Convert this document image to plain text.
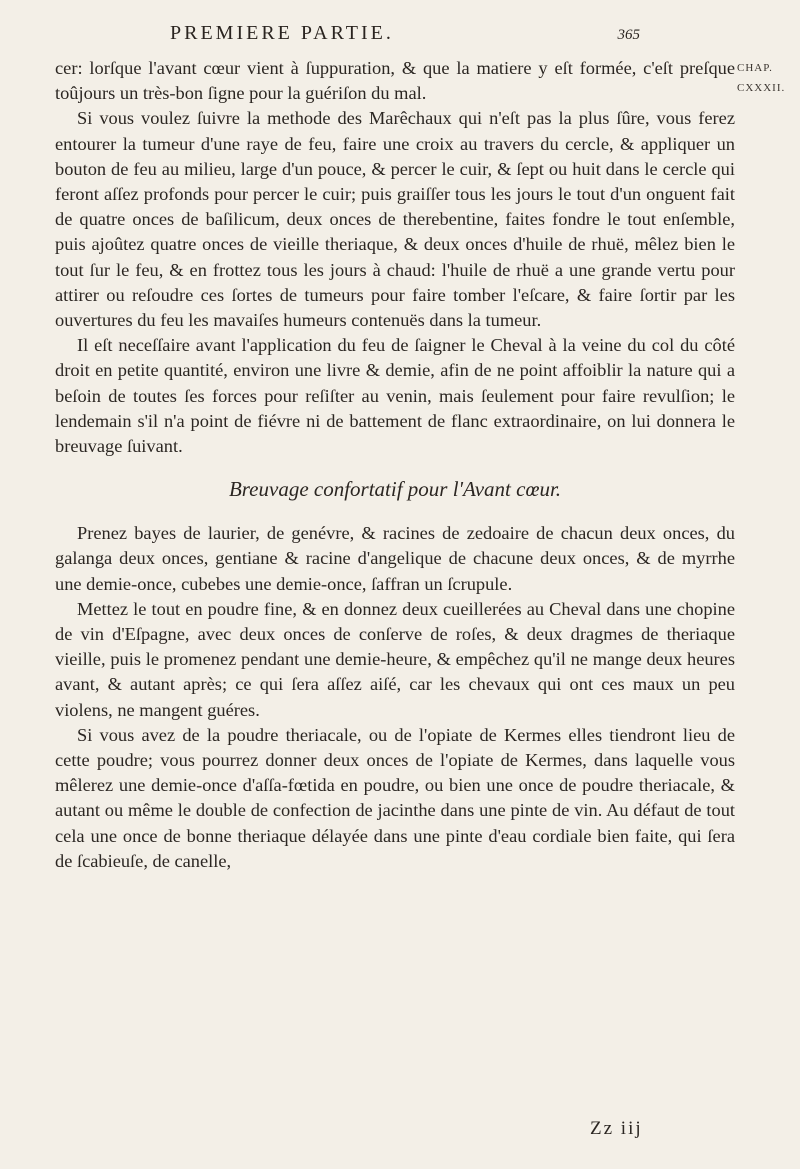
PREMIERE PARTIE.	365
CHAP.
CXXXII.

cer: lorſque l'avant cœur vient à ſuppuration, & que la matiere y eſt formée, c'eſt preſque toûjours un très-bon ſigne pour la guériſon du mal.

Si vous voulez ſuivre la methode des Marêchaux qui n'eſt pas la plus ſûre, vous ferez entourer la tumeur d'une raye de feu, faire une croix au travers du cercle, & appliquer un bouton de feu au milieu, large d'un pouce, & percer le cuir, & ſept ou huit dans le cercle qui feront aſſez profonds pour percer le cuir; puis graiſſer tous les jours le tout d'un onguent fait de quatre onces de baſilicum, deux onces de therebentine, faites fondre le tout enſemble, puis ajoûtez quatre onces de vieille theriaque, & deux onces d'huile de rhuë, mêlez bien le tout ſur le feu, & en frottez tous les jours à chaud: l'huile de rhuë a une grande vertu pour attirer ou reſoudre ces ſortes de tumeurs pour faire tomber l'eſcare, & faire ſortir par les ouvertures du feu les mavaiſes humeurs contenuës dans la tumeur.

Il eſt neceſſaire avant l'application du feu de ſaigner le Cheval à la veine du col du côté droit en petite quantité, environ une livre & demie, afin de ne point affoiblir la nature qui a beſoin de toutes ſes forces pour reſiſter au venin, mais ſeulement pour faire revulſion; le lendemain s'il n'a point de fiévre ni de battement de flanc extraordinaire, on lui donnera le breuvage ſuivant.

Breuvage confortatif pour l'Avant cœur.

Prenez bayes de laurier, de genévre, & racines de zedoaire de chacun deux onces, du galanga deux onces, gentiane & racine d'angelique de chacune deux onces, & de myrrhe une demie-once, cubebes une demie-once, ſaffran un ſcrupule.

Mettez le tout en poudre fine, & en donnez deux cueillerées au Cheval dans une chopine de vin d'Eſpagne, avec deux onces de conſerve de roſes, & deux dragmes de theriaque vieille, puis le promenez pendant une demie-heure, & empêchez qu'il ne mange deux heures avant, & autant après; ce qui ſera aſſez aiſé, car les chevaux qui ont ces maux un peu violens, ne mangent guéres.

Si vous avez de la poudre theriacale, ou de l'opiate de Kermes elles tiendront lieu de cette poudre; vous pourrez donner deux onces de l'opiate de Kermes, dans laquelle vous mêlerez une demie-once d'aſſa-fœtida en poudre, ou bien une once de poudre theriacale, & autant ou même le double de confection de jacinthe dans une pinte de vin. Au défaut de tout cela une once de bonne theriaque délayée dans une pinte d'eau cordiale bien faite, qui ſera de ſcabieuſe, de canelle,

Zz iij
